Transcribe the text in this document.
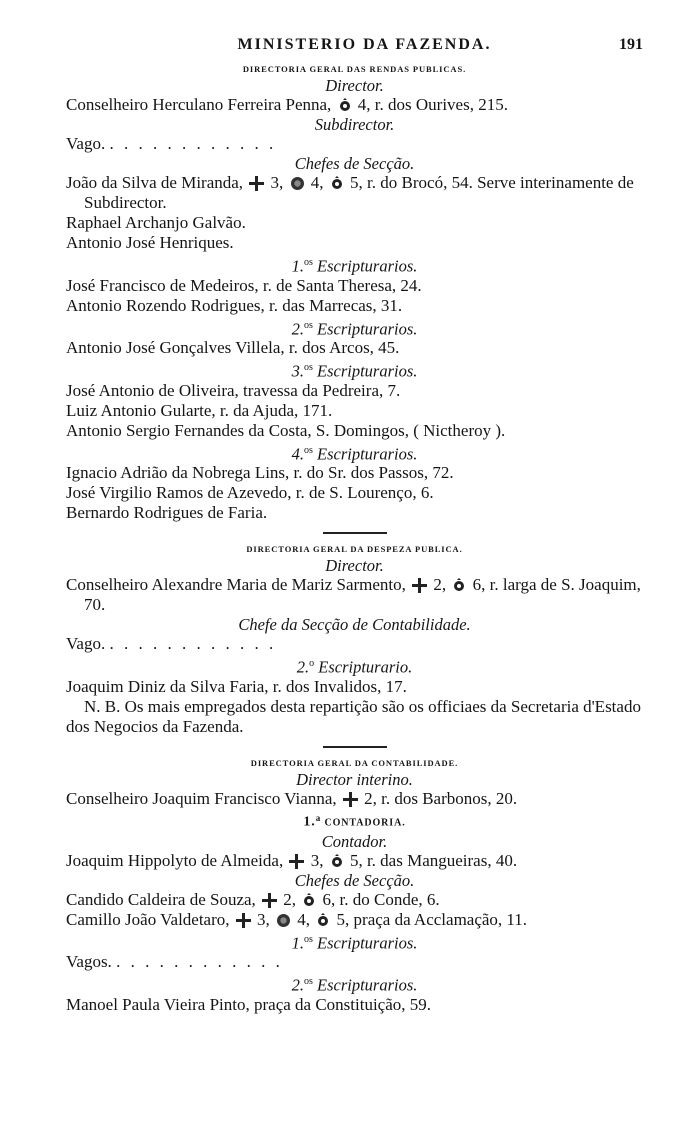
MINISTERIO DA FAZENDA.	191
DIRECTORIA GERAL DAS RENDAS PUBLICAS.
Director.
Conselheiro Herculano Ferreira Penna, 4, r. dos Ourives, 215.
Subdirector.
Vago. . . . . . . . . . . . .
Chefes de Secção.
João da Silva de Miranda, 3, 4, 5, r. do Brocó, 54. Serve interinamente de Subdirector.
Raphael Archanjo Galvão.
Antonio José Henriques.
1.$^{os}$ Escripturarios.
José Francisco de Medeiros, r. de Santa Theresa, 24.
Antonio Rozendo Rodrigues, r. das Marrecas, 31.
2.$^{os}$ Escripturarios.
Antonio José Gonçalves Villela, r. dos Arcos, 45.
3.$^{os}$ Escripturarios.
José Antonio de Oliveira, travessa da Pedreira, 7.
Luiz Antonio Gularte, r. da Ajuda, 171.
Antonio Sergio Fernandes da Costa, S. Domingos, ( Nictheroy ).
4.$^{os}$ Escripturarios.
Ignacio Adrião da Nobrega Lins, r. do Sr. dos Passos, 72.
José Virgilio Ramos de Azevedo, r. de S. Lourenço, 6.
Bernardo Rodrigues de Faria.
DIRECTORIA GERAL DA DESPEZA PUBLICA.
Director.
Conselheiro Alexandre Maria de Mariz Sarmento, 2, 6, r. larga de S. Joaquim, 70.
Chefe da Secção de Contabilidade.
Vago. . . . . . . . . . . . .
2.$^o$ Escripturario.
Joaquim Diniz da Silva Faria, r. dos Invalidos, 17.
N. B. Os mais empregados desta repartição são os officiaes da Secretaria d'Estado dos Negocios da Fazenda.
DIRECTORIA GERAL DA CONTABILIDADE.
Director interino.
Conselheiro Joaquim Francisco Vianna, 2, r. dos Barbonos, 20.
1.$^a$ CONTADORIA.
Contador.
Joaquim Hippolyto de Almeida, 3, 5, r. das Mangueiras, 40.
Chefes de Secção.
Candido Caldeira de Souza, 2, 6, r. do Conde, 6.
Camillo João Valdetaro, 3, 4, 5, praça da Acclamação, 11.
1.$^{os}$ Escripturarios.
Vagos. . . . . . . . . . . . .
2.$^{os}$ Escripturarios.
Manoel Paula Vieira Pinto, praça da Constituição, 59.
